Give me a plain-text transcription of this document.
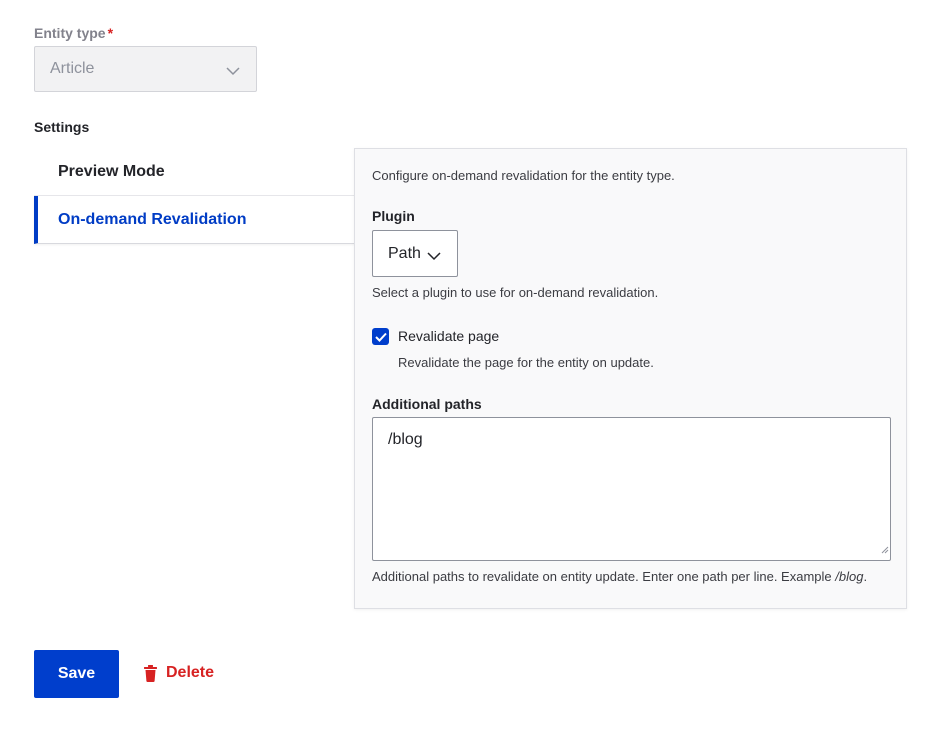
Entity type *
Article
Settings
Preview Mode
On-demand Revalidation
Configure on-demand revalidation for the entity type.
Plugin
Path
Select a plugin to use for on-demand revalidation.
Revalidate page
Revalidate the page for the entity on update.
Additional paths
/blog
Additional paths to revalidate on entity update. Enter one path per line. Example /blog.
Save	Delete
